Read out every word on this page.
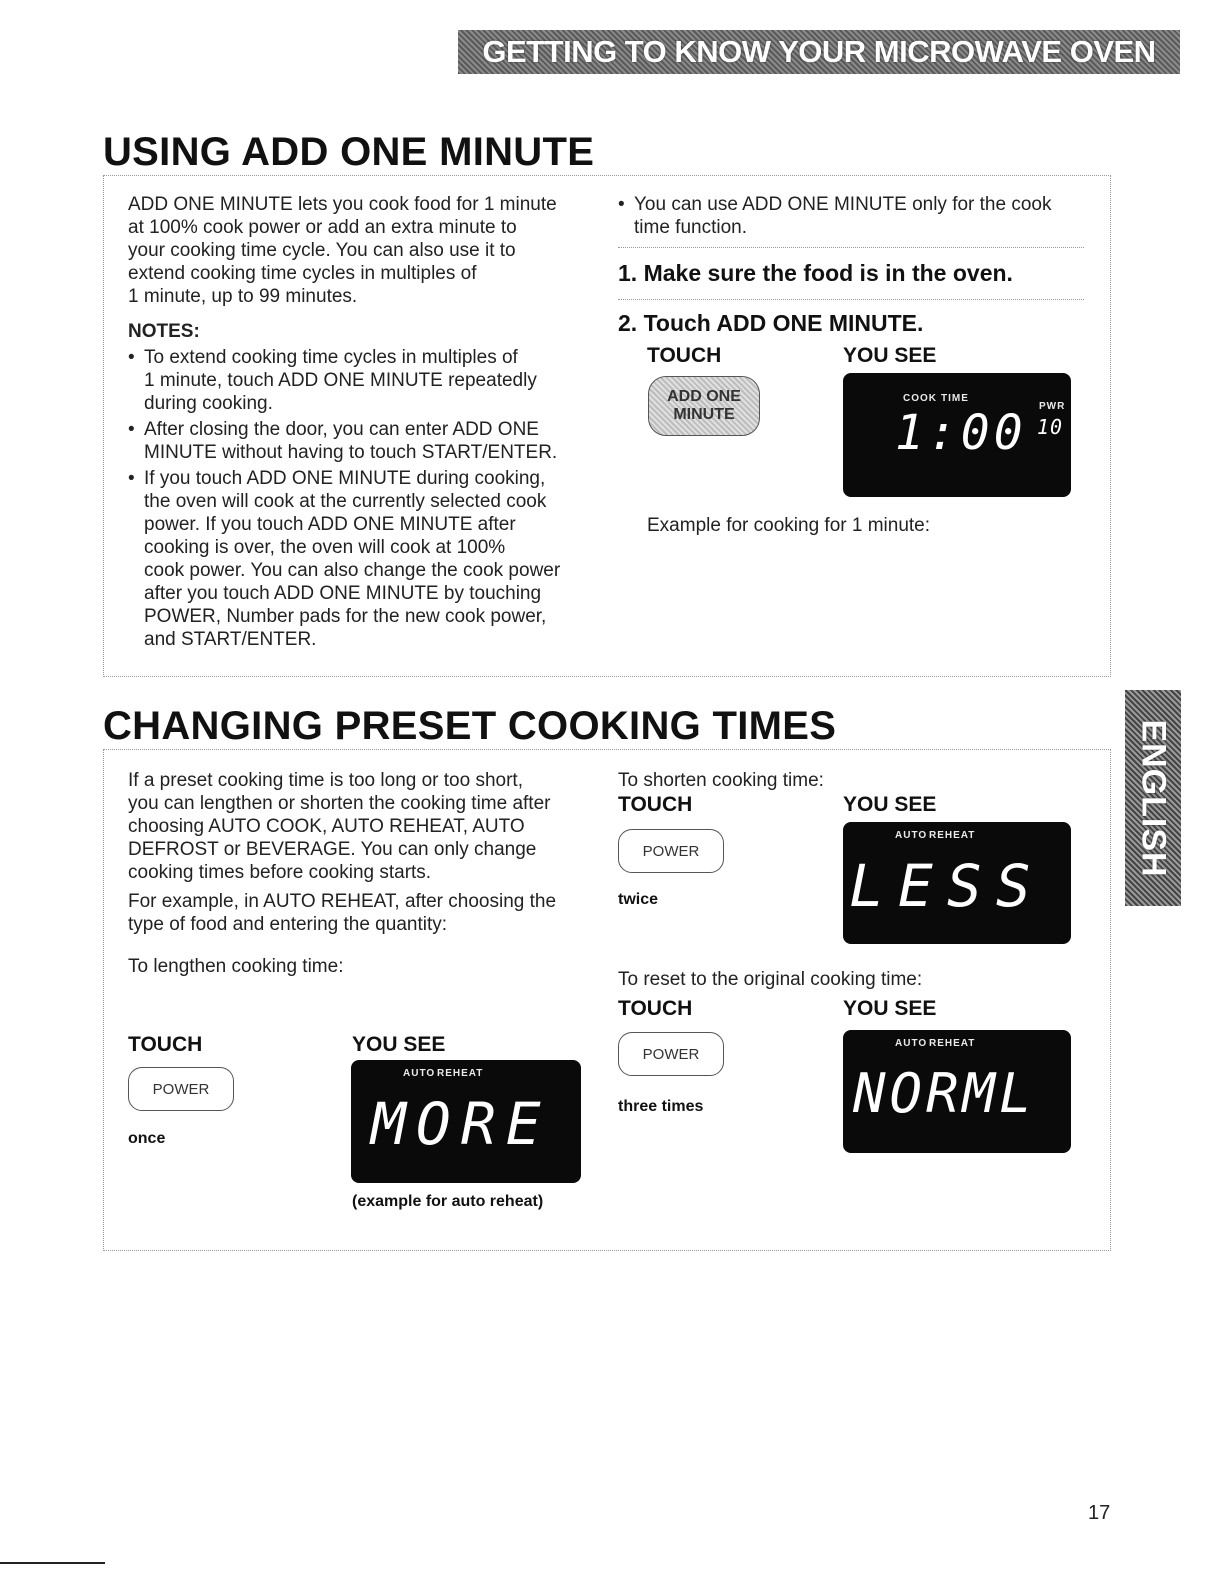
GETTING TO KNOW YOUR MICROWAVE OVEN
ENGLISH
USING ADD ONE MINUTE

ADD ONE MINUTE lets you cook food for 1 minute

at 100% cook power or add an extra minute to

your cooking time cycle. You can also use it to

extend cooking time cycles in multiples of

1 minute, up to 99 minutes.

NOTES:

• To extend cooking time cycles in multiples of
1 minute, touch ADD ONE MINUTE repeatedly
during cooking.
• After closing the door, you can enter ADD ONE
MINUTE without having to touch START/ENTER.
• If you touch ADD ONE MINUTE during cooking,
the oven will cook at the currently selected cook
power. If you touch ADD ONE MINUTE after
cooking is over, the oven will cook at 100%
cook power. You can also change the cook power
after you touch ADD ONE MINUTE by touching
POWER, Number pads for the new cook power,
and START/ENTER.
• You can use ADD ONE MINUTE only for the cook
time function.

1. Make sure the food is in the oven.

2. Touch ADD ONE MINUTE.

TOUCH	YOU SEE

ADD ONE
MINUTE
COOK TIME
PWR
1:00 10

Example for cooking for 1 minute:

CHANGING PRESET COOKING TIMES

If a preset cooking time is too long or too short,

you can lengthen or shorten the cooking time after

choosing AUTO COOK, AUTO REHEAT, AUTO

DEFROST or BEVERAGE. You can only change

cooking times before cooking starts.

For example, in AUTO REHEAT, after choosing the

type of food and entering the quantity:

To lengthen cooking time:

TOUCH	YOU SEE

POWER

once

AUTO REHEAT
MORE

(example for auto reheat)

To shorten cooking time:

TOUCH	YOU SEE

POWER

twice

AUTO REHEAT
LESS

To reset to the original cooking time:

TOUCH	YOU SEE

POWER

three times

AUTO REHEAT
NORML

17
